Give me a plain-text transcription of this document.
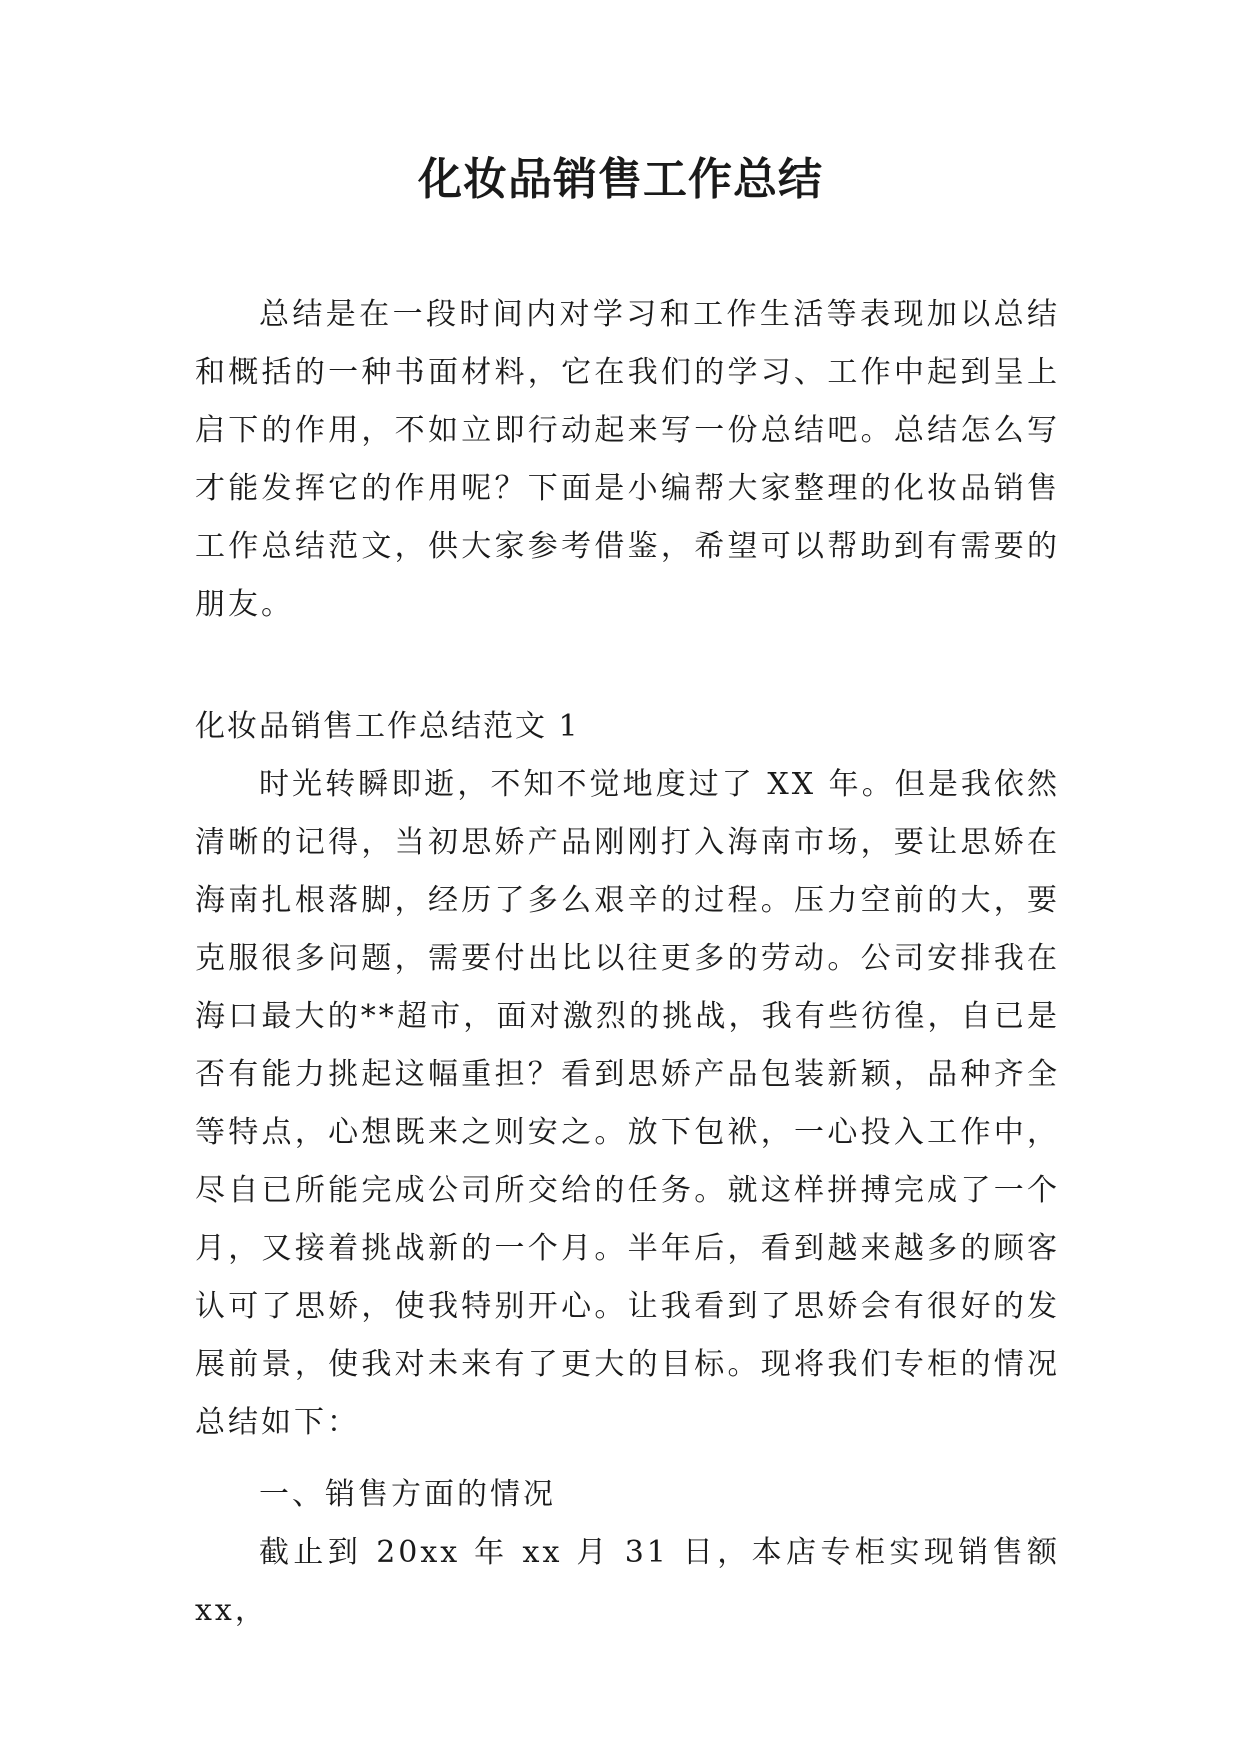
化妆品销售工作总结

总结是在一段时间内对学习和工作生活等表现加以总结和概括的一种书面材料，它在我们的学习、工作中起到呈上启下的作用，不如立即行动起来写一份总结吧。总结怎么写才能发挥它的作用呢？下面是小编帮大家整理的化妆品销售工作总结范文，供大家参考借鉴，希望可以帮助到有需要的朋友。

化妆品销售工作总结范文 1

时光转瞬即逝，不知不觉地度过了 XX 年。但是我依然清晰的记得，当初思娇产品刚刚打入海南市场，要让思娇在海南扎根落脚，经历了多么艰辛的过程。压力空前的大，要克服很多问题，需要付出比以往更多的劳动。公司安排我在海口最大的**超市，面对激烈的挑战，我有些彷徨，自已是否有能力挑起这幅重担？看到思娇产品包装新颖，品种齐全等特点，心想既来之则安之。放下包袱，一心投入工作中，尽自已所能完成公司所交给的任务。就这样拼搏完成了一个月，又接着挑战新的一个月。半年后，看到越来越多的顾客认可了思娇，使我特别开心。让我看到了思娇会有很好的发展前景，使我对未来有了更大的目标。现将我们专柜的情况总结如下：

一、销售方面的情况

截止到 20xx 年 xx 月 31 日，本店专柜实现销售额 xx，
